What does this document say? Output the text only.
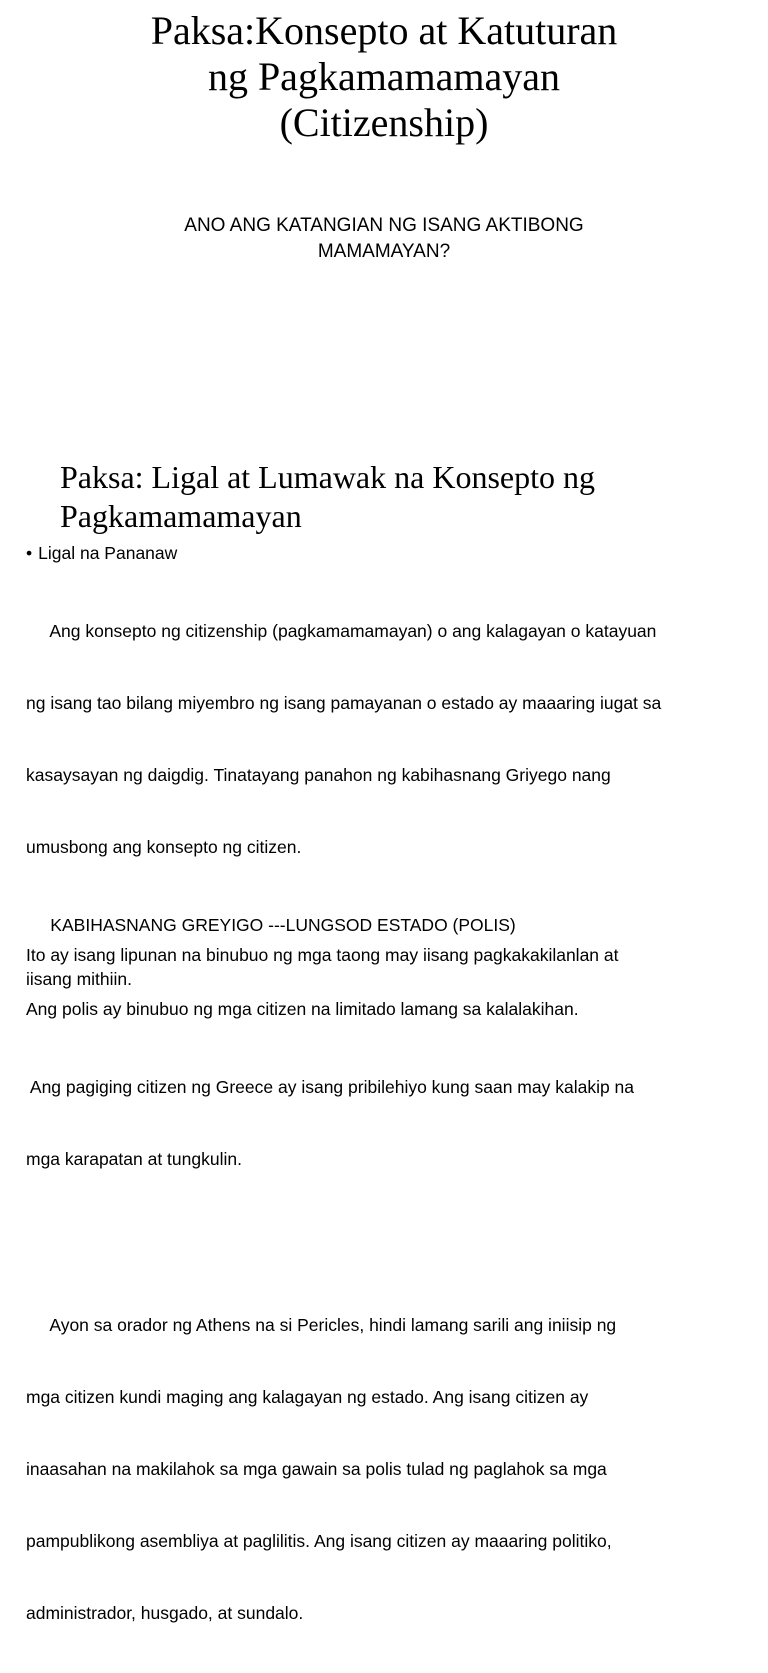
Paksa:Konsepto at Katuturan
ng Pagkamamamayan
(Citizenship)
ANO ANG KATANGIAN NG ISANG AKTIBONG
MAMAMAYAN?
Paksa: Ligal at Lumawak na Konsepto ng
Pagkamamamayan

• Ligal na Pananaw

Ang konsepto ng citizenship (pagkamamamayan) o ang kalagayan o katayuan

ng isang tao bilang miyembro ng isang pamayanan o estado ay maaaring iugat sa

kasaysayan ng daigdig. Tinatayang panahon ng kabihasnang Griyego nang

umusbong ang konsepto ng citizen.

KABIHASNANG GREYIGO ---LUNGSOD ESTADO (POLIS)

Ito ay isang lipunan na binubuo ng mga taong may iisang pagkakakilanlan at
iisang mithiin.

Ang polis ay binubuo ng mga citizen na limitado lamang sa kalalakihan.

Ang pagiging citizen ng Greece ay isang pribilehiyo kung saan may kalakip na

mga karapatan at tungkulin.

Ayon sa orador ng Athens na si Pericles, hindi lamang sarili ang iniisip ng

mga citizen kundi maging ang kalagayan ng estado. Ang isang citizen ay

inaasahan na makilahok sa mga gawain sa polis tulad ng paglahok sa mga

pampublikong asembliya at paglilitis. Ang isang citizen ay maaaring politiko,

administrador, husgado, at sundalo.
